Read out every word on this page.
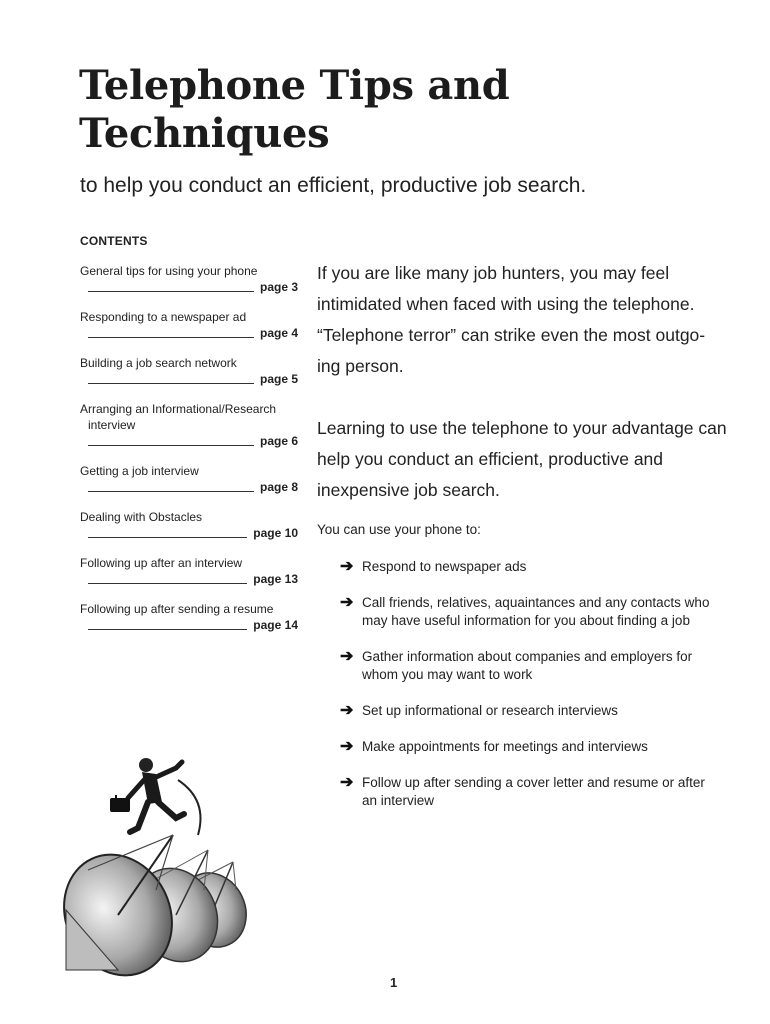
Telephone Tips and Techniques

to help you conduct an efficient, productive job search.

CONTENTS

General tips for using your phone
page 3
Responding to a newspaper ad
page 4
Building a job search network
page 5
Arranging an Informational/Research interview
page 6
Getting a job interview
page 8
Dealing with Obstacles
page 10
Following up after an interview
page 13
Following up after sending a resume
page 14

If you are like many job hunters, you may feel intimidated when faced with using the telephone. “Telephone terror” can strike even the most outgo-ing person.

Learning to use the telephone to your advantage can help you conduct an efficient, productive and inexpensive job search.

You can use your phone to:

➔ Respond to newspaper ads
➔ Call friends, relatives, aquaintances and any contacts who may have useful information for you about finding a job
➔ Gather information about companies and employers for whom you may want to work
➔ Set up informational or research interviews
➔ Make appointments for meetings and interviews
➔ Follow up after sending a cover letter and resume or after an interview
1
